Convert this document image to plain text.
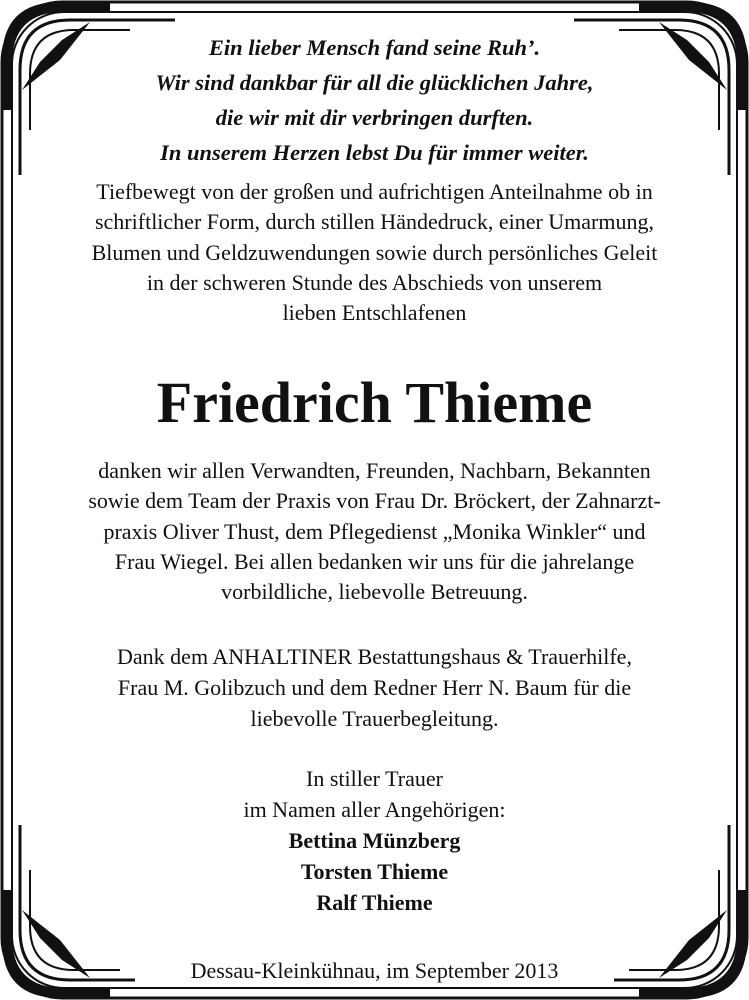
Ein lieber Mensch fand seine Ruh’.
Wir sind dankbar für all die glücklichen Jahre,
die wir mit dir verbringen durften.
In unserem Herzen lebst Du für immer weiter.
Tiefbewegt von der großen und aufrichtigen Anteilnahme ob in
schriftlicher Form, durch stillen Händedruck, einer Umarmung,
Blumen und Geldzuwendungen sowie durch persönliches Geleit
in der schweren Stunde des Abschieds von unserem
lieben Entschlafenen
Friedrich Thieme
danken wir allen Verwandten, Freunden, Nachbarn, Bekannten
sowie dem Team der Praxis von Frau Dr. Bröckert, der Zahnarzt-
praxis Oliver Thust, dem Pflegedienst „Monika Winkler“ und
Frau Wiegel. Bei allen bedanken wir uns für die jahrelange
vorbildliche, liebevolle Betreuung.
Dank dem ANHALTINER Bestattungshaus & Trauerhilfe,
Frau M. Golibzuch und dem Redner Herr N. Baum für die
liebevolle Trauerbegleitung.
In stiller Trauer
im Namen aller Angehörigen:
Bettina Münzberg
Torsten Thieme
Ralf Thieme
Dessau-Kleinkühnau, im September 2013
